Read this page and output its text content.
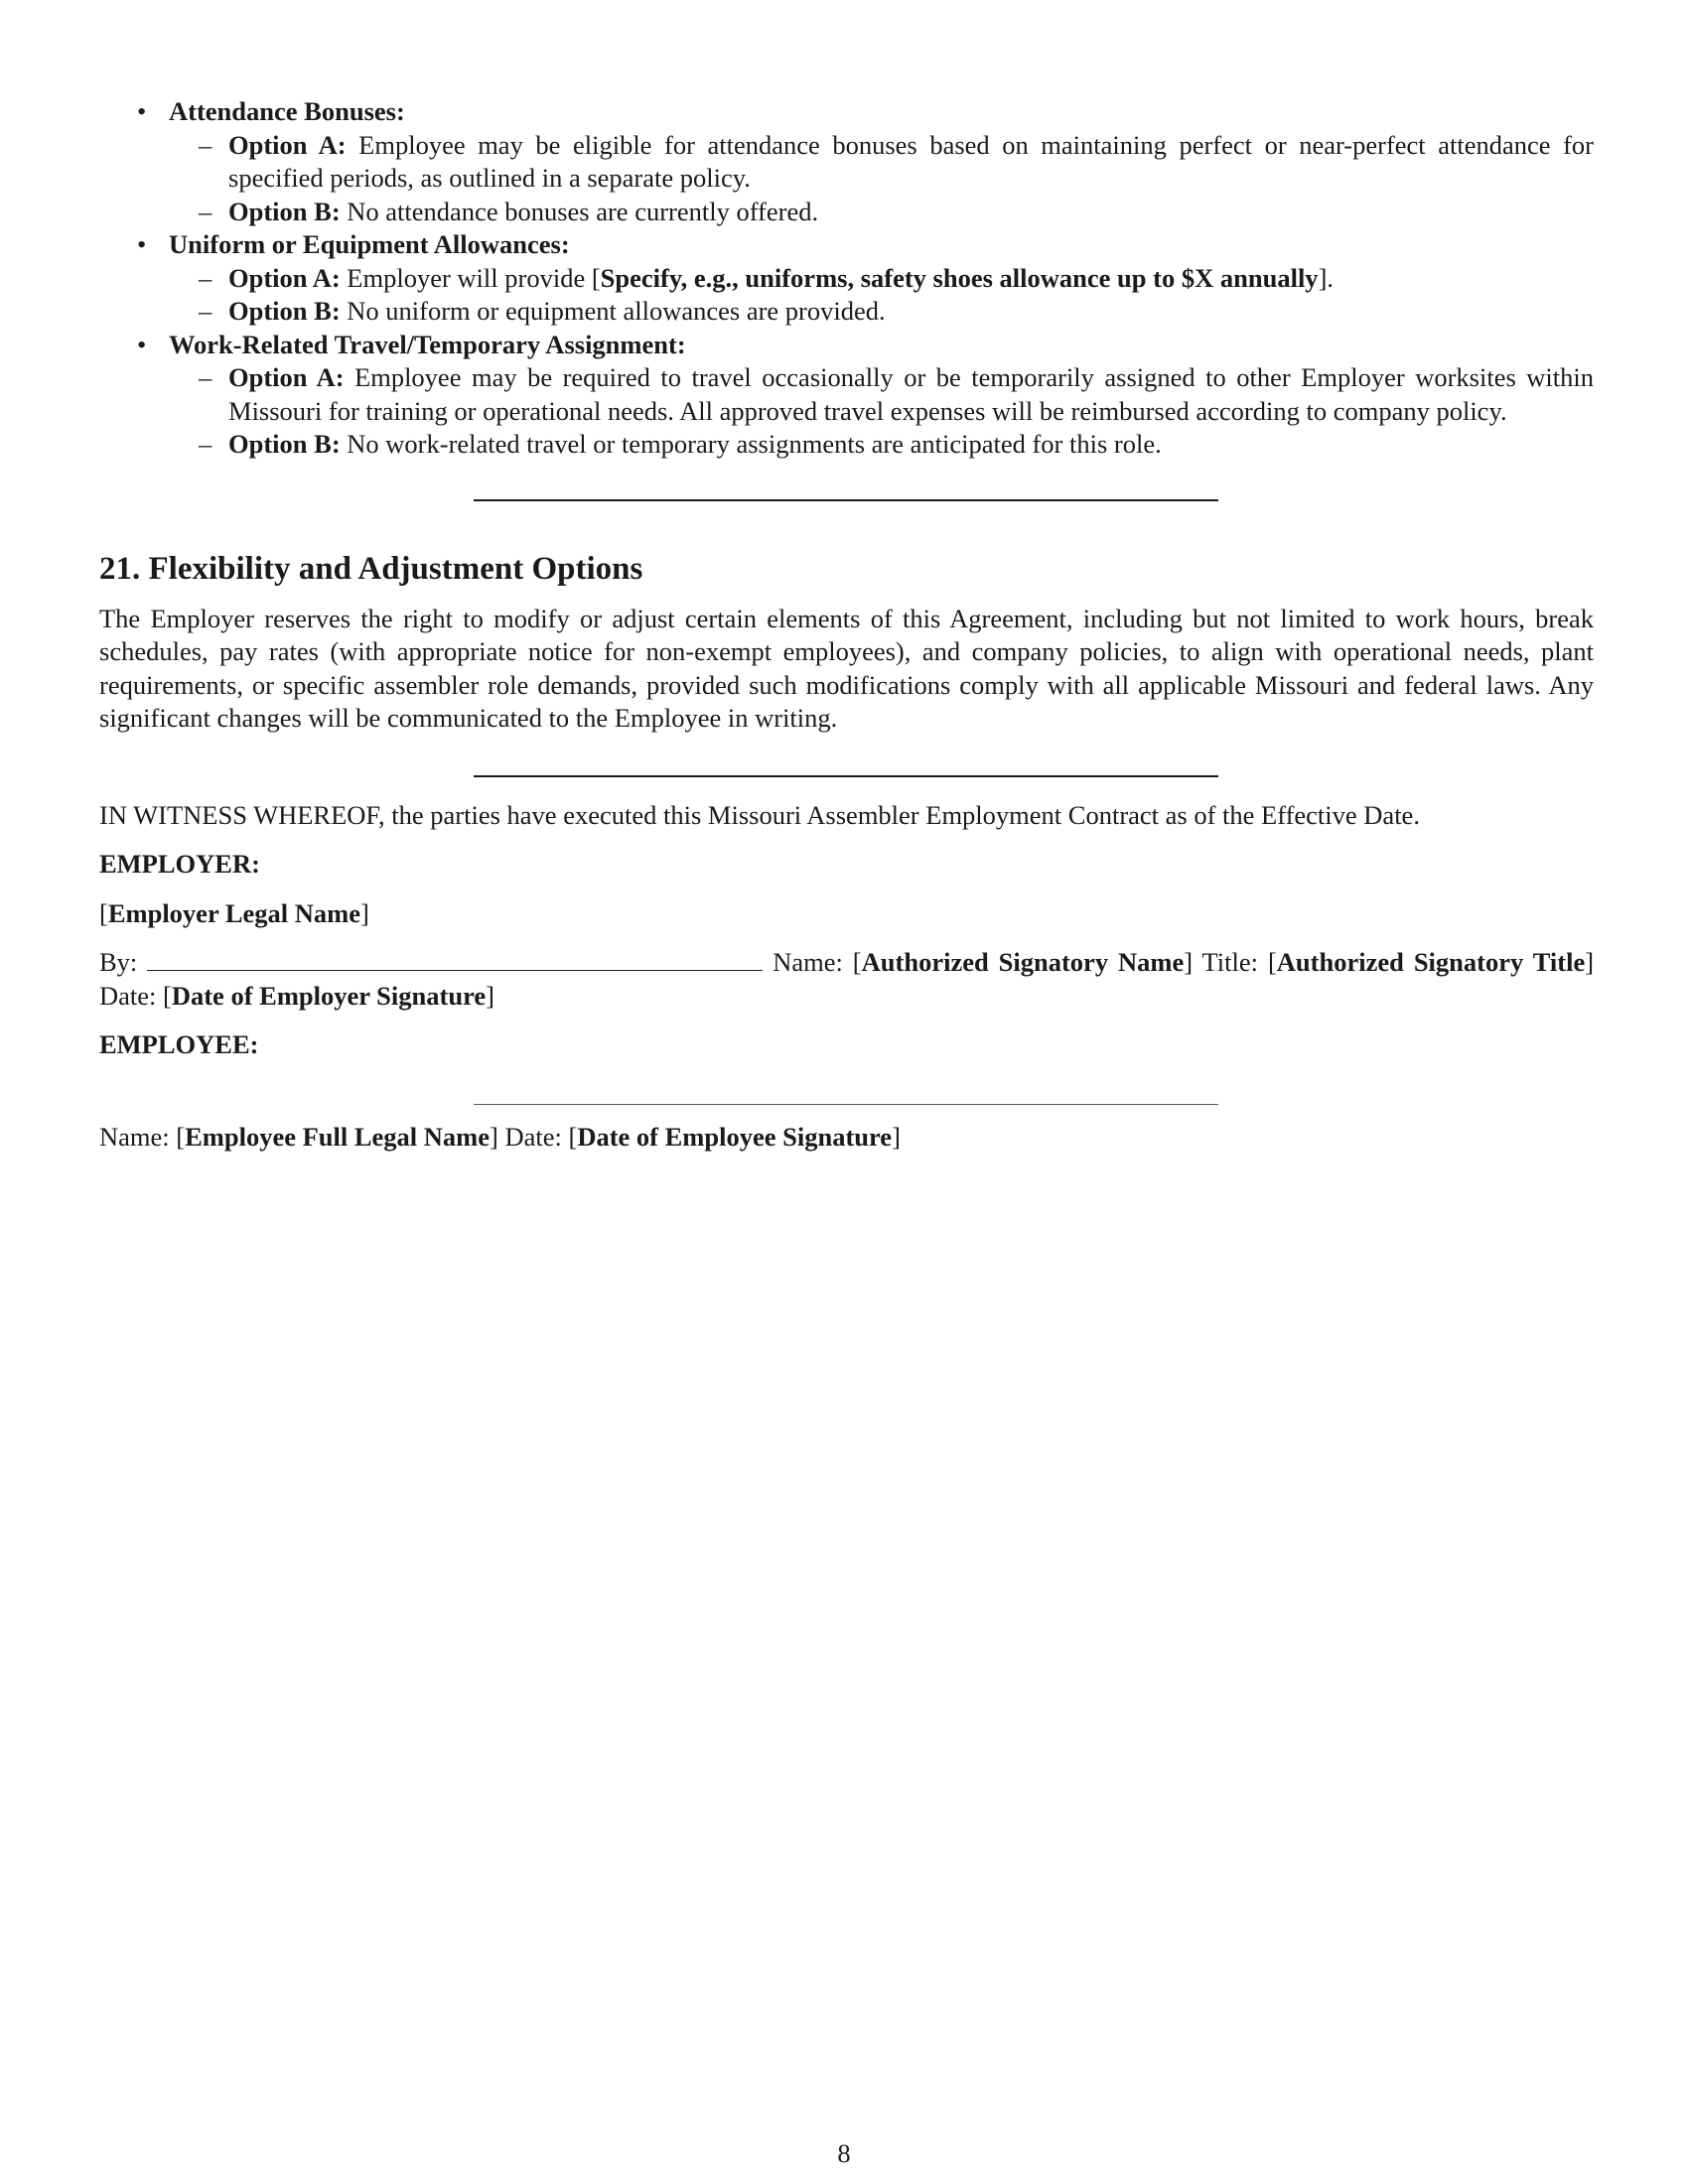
• Attendance Bonuses:
– Option A: Employee may be eligible for attendance bonuses based on maintaining perfect or near-perfect attendance for specified periods, as outlined in a separate policy.
– Option B: No attendance bonuses are currently offered.
• Uniform or Equipment Allowances:
– Option A: Employer will provide [Specify, e.g., uniforms, safety shoes allowance up to $X annually].
– Option B: No uniform or equipment allowances are provided.
• Work-Related Travel/Temporary Assignment:
– Option A: Employee may be required to travel occasionally or be temporarily assigned to other Employer worksites within Missouri for training or operational needs. All approved travel expenses will be reimbursed according to company policy.
– Option B: No work-related travel or temporary assignments are anticipated for this role.
21. Flexibility and Adjustment Options

The Employer reserves the right to modify or adjust certain elements of this Agreement, including but not limited to work hours, break schedules, pay rates (with appropriate notice for non-exempt employees), and company policies, to align with operational needs, plant requirements, or specific assembler role demands, provided such modifications comply with all applicable Missouri and federal laws. Any significant changes will be communicated to the Employee in writing.

IN WITNESS WHEREOF, the parties have executed this Missouri Assembler Employment Contract as of the Effective Date.

EMPLOYER:
[Employer Legal Name]

By:	Name: [Authorized Signatory Name] Title: [Authorized Signatory Title] Date: [Date of Employer Signature]

EMPLOYEE:
Name: [Employee Full Legal Name] Date: [Date of Employee Signature]
8
